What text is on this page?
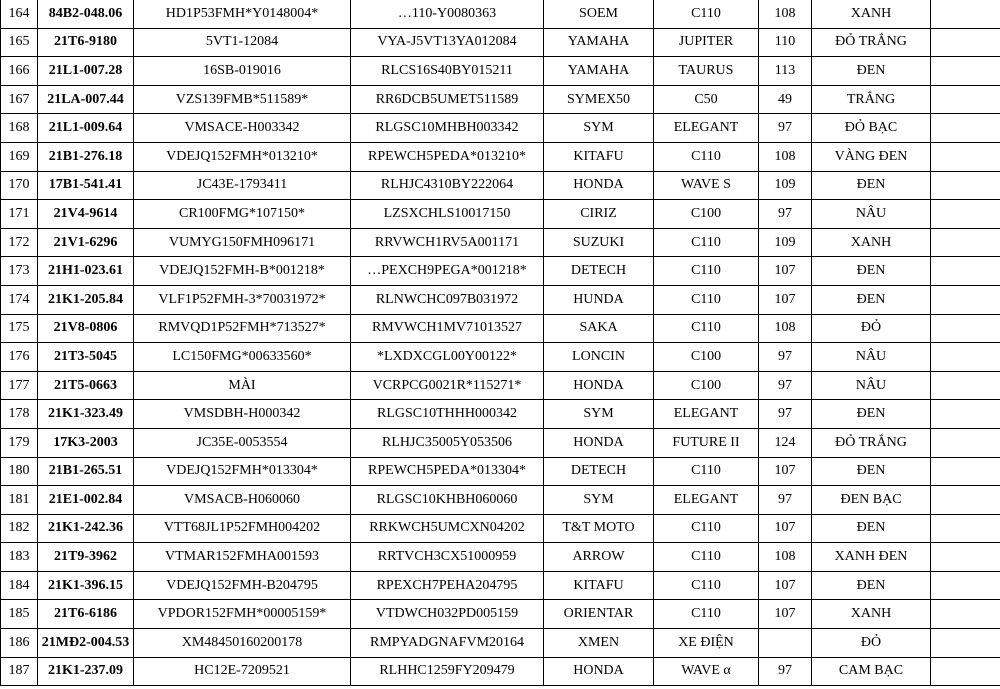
164	84B2-048.06	HD1P53FMH*Y0148004*	…110-Y0080363	SOEM	C110	108	XANH	
165	21T6-9180	5VT1-12084	VYA-J5VT13YA012084	YAMAHA	JUPITER	110	ĐỎ TRẮNG	
166	21L1-007.28	16SB-019016	RLCS16S40BY015211	YAMAHA	TAURUS	113	ĐEN	
167	21LA-007.44	VZS139FMB*511589*	RR6DCB5UMET511589	SYMEX50	C50	49	TRẮNG	
168	21L1-009.64	VMSACE-H003342	RLGSC10MHBH003342	SYM	ELEGANT	97	ĐỎ BẠC	
169	21B1-276.18	VDEJQ152FMH*013210*	RPEWCH5PEDA*013210*	KITAFU	C110	108	VÀNG ĐEN	
170	17B1-541.41	JC43E-1793411	RLHJC4310BY222064	HONDA	WAVE S	109	ĐEN	
171	21V4-9614	CR100FMG*107150*	LZSXCHLS10017150	CIRIZ	C100	97	NÂU	
172	21V1-6296	VUMYG150FMH096171	RRVWCH1RV5A001171	SUZUKI	C110	109	XANH	
173	21H1-023.61	VDEJQ152FMH-B*001218*	…PEXCH9PEGA*001218*	DETECH	C110	107	ĐEN	
174	21K1-205.84	VLF1P52FMH-3*70031972*	RLNWCHC097B031972	HUNDA	C110	107	ĐEN	
175	21V8-0806	RMVQD1P52FMH*713527*	RMVWCH1MV71013527	SAKA	C110	108	ĐỎ	
176	21T3-5045	LC150FMG*00633560*	*LXDXCGL00Y00122*	LONCIN	C100	97	NÂU	
177	21T5-0663	MÀI	VCRPCG0021R*115271*	HONDA	C100	97	NÂU	
178	21K1-323.49	VMSDBH-H000342	RLGSC10THHH000342	SYM	ELEGANT	97	ĐEN	
179	17K3-2003	JC35E-0053554	RLHJC35005Y053506	HONDA	FUTURE II	124	ĐỎ TRẮNG	
180	21B1-265.51	VDEJQ152FMH*013304*	RPEWCH5PEDA*013304*	DETECH	C110	107	ĐEN	
181	21E1-002.84	VMSACB-H060060	RLGSC10KHBH060060	SYM	ELEGANT	97	ĐEN BẠC	
182	21K1-242.36	VTT68JL1P52FMH004202	RRKWCH5UMCXN04202	T&T MOTO	C110	107	ĐEN	
183	21T9-3962	VTMAR152FMHA001593	RRTVCH3CX51000959	ARROW	C110	108	XANH ĐEN	
184	21K1-396.15	VDEJQ152FMH-B204795	RPEXCH7PEHA204795	KITAFU	C110	107	ĐEN	
185	21T6-6186	VPDOR152FMH*00005159*	VTDWCH032PD005159	ORIENTAR	C110	107	XANH	
186	21MĐ2-004.53	XM48450160200178	RMPYADGNAFVM20164	XMEN	XE ĐIỆN		ĐỎ	
187	21K1-237.09	HC12E-7209521	RLHHC1259FY209479	HONDA	WAVE α	97	CAM BẠC	
